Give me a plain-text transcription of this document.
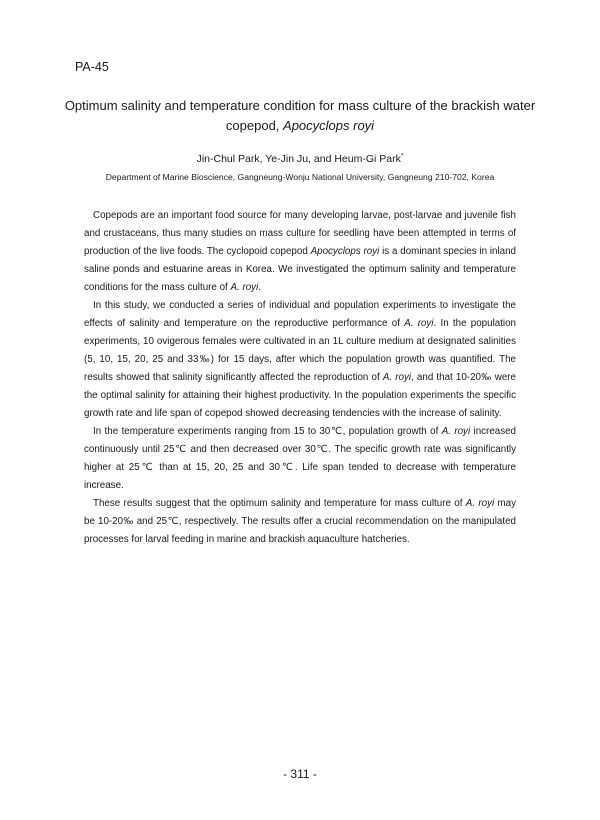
PA-45
Optimum salinity and temperature condition for mass culture of the brackish water
copepod, Apocyclops royi
Jin-Chul Park, Ye-Jin Ju, and Heum-Gi Park*
Department of Marine Bioscience, Gangneung-Wonju National University, Gangneung 210-702, Korea

Copepods are an important food source for many developing larvae, post-larvae and juvenile fish and crustaceans, thus many studies on mass culture for seedling have been attempted in terms of production of the live foods. The cyclopoid copepod Apocyclops royi is a dominant species in inland saline ponds and estuarine areas in Korea. We investigated the optimum salinity and temperature conditions for the mass culture of A. royi.

In this study, we conducted a series of individual and population experiments to investigate the effects of salinity and temperature on the reproductive performance of A. royi. In the population experiments, 10 ovigerous females were cultivated in an 1L culture medium at designated salinities (5, 10, 15, 20, 25 and 33‰) for 15 days, after which the population growth was quantified. The results showed that salinity significantly affected the reproduction of A. royi, and that 10-20‰ were the optimal salinity for attaining their highest productivity. In the population experiments the specific growth rate and life span of copepod showed decreasing tendencies with the increase of salinity.

In the temperature experiments ranging from 15 to 30℃, population growth of A. royi increased continuously until 25℃ and then decreased over 30℃. The specific growth rate was significantly higher at 25℃ than at 15, 20, 25 and 30℃. Life span tended to decrease with temperature increase.

These results suggest that the optimum salinity and temperature for mass culture of A. royi may be 10-20‰ and 25℃, respectively. The results offer a crucial recommendation on the manipulated processes for larval feeding in marine and brackish aquaculture hatcheries.

- 311 -
